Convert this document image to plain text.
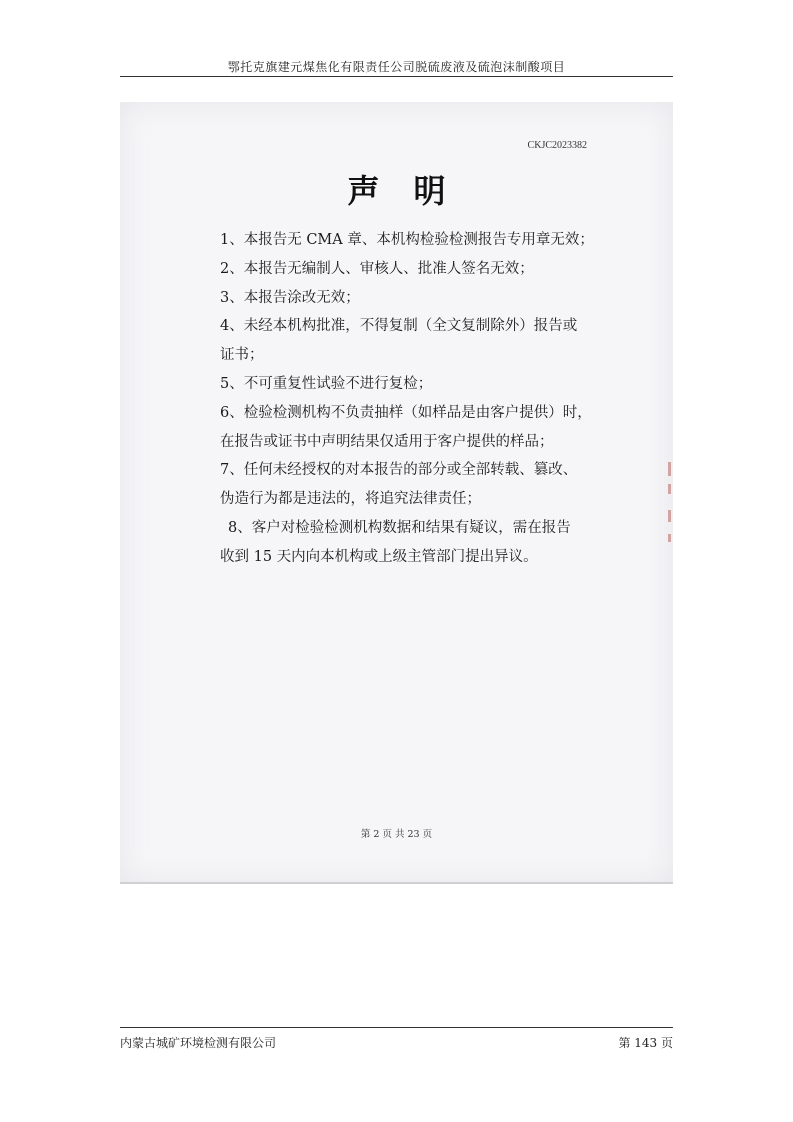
鄂托克旗建元煤焦化有限责任公司脱硫废液及硫泡沫制酸项目
CKJC2023382
声明

1、本报告无 CMA 章、本机构检验检测报告专用章无效；

2、本报告无编制人、审核人、批准人签名无效；

3、本报告涂改无效；

4、未经本机构批准，不得复制（全文复制除外）报告或

证书；

5、不可重复性试验不进行复检；

6、检验检测机构不负责抽样（如样品是由客户提供）时，

在报告或证书中声明结果仅适用于客户提供的样品；

7、任何未经授权的对本报告的部分或全部转载、篡改、

伪造行为都是违法的，将追究法律责任；

8、客户对检验检测机构数据和结果有疑议，需在报告

收到 15 天内向本机构或上级主管部门提出异议。

第 2 页 共 23 页
内蒙古城矿环境检测有限公司	第 143 页
